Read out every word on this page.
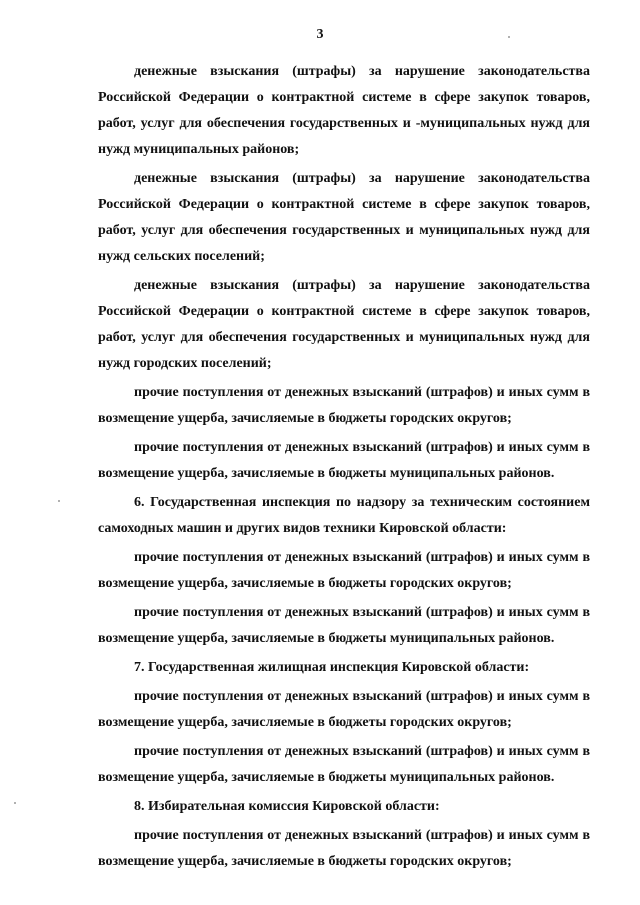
3

денежные взыскания (штрафы) за нарушение законодательства Российской Федерации о контрактной системе в сфере закупок товаров, работ, услуг для обеспечения государственных и -муниципальных нужд для нужд муниципальных районов;

денежные взыскания (штрафы) за нарушение законодательства Российской Федерации о контрактной системе в сфере закупок товаров, работ, услуг для обеспечения государственных и муниципальных нужд для нужд сельских поселений;

денежные взыскания (штрафы) за нарушение законодательства Российской Федерации о контрактной системе в сфере закупок товаров, работ, услуг для обеспечения государственных и муниципальных нужд для нужд городских поселений;

прочие поступления от денежных взысканий (штрафов) и иных сумм в возмещение ущерба, зачисляемые в бюджеты городских округов;

прочие поступления от денежных взысканий (штрафов) и иных сумм в возмещение ущерба, зачисляемые в бюджеты муниципальных районов.

6. Государственная инспекция по надзору за техническим состоянием самоходных машин и других видов техники Кировской области:

прочие поступления от денежных взысканий (штрафов) и иных сумм в возмещение ущерба, зачисляемые в бюджеты городских округов;

прочие поступления от денежных взысканий (штрафов) и иных сумм в возмещение ущерба, зачисляемые в бюджеты муниципальных районов.

7. Государственная жилищная инспекция Кировской области:

прочие поступления от денежных взысканий (штрафов) и иных сумм в возмещение ущерба, зачисляемые в бюджеты городских округов;

прочие поступления от денежных взысканий (штрафов) и иных сумм в возмещение ущерба, зачисляемые в бюджеты муниципальных районов.

8. Избирательная комиссия Кировской области:

прочие поступления от денежных взысканий (штрафов) и иных сумм в возмещение ущерба, зачисляемые в бюджеты городских округов;
